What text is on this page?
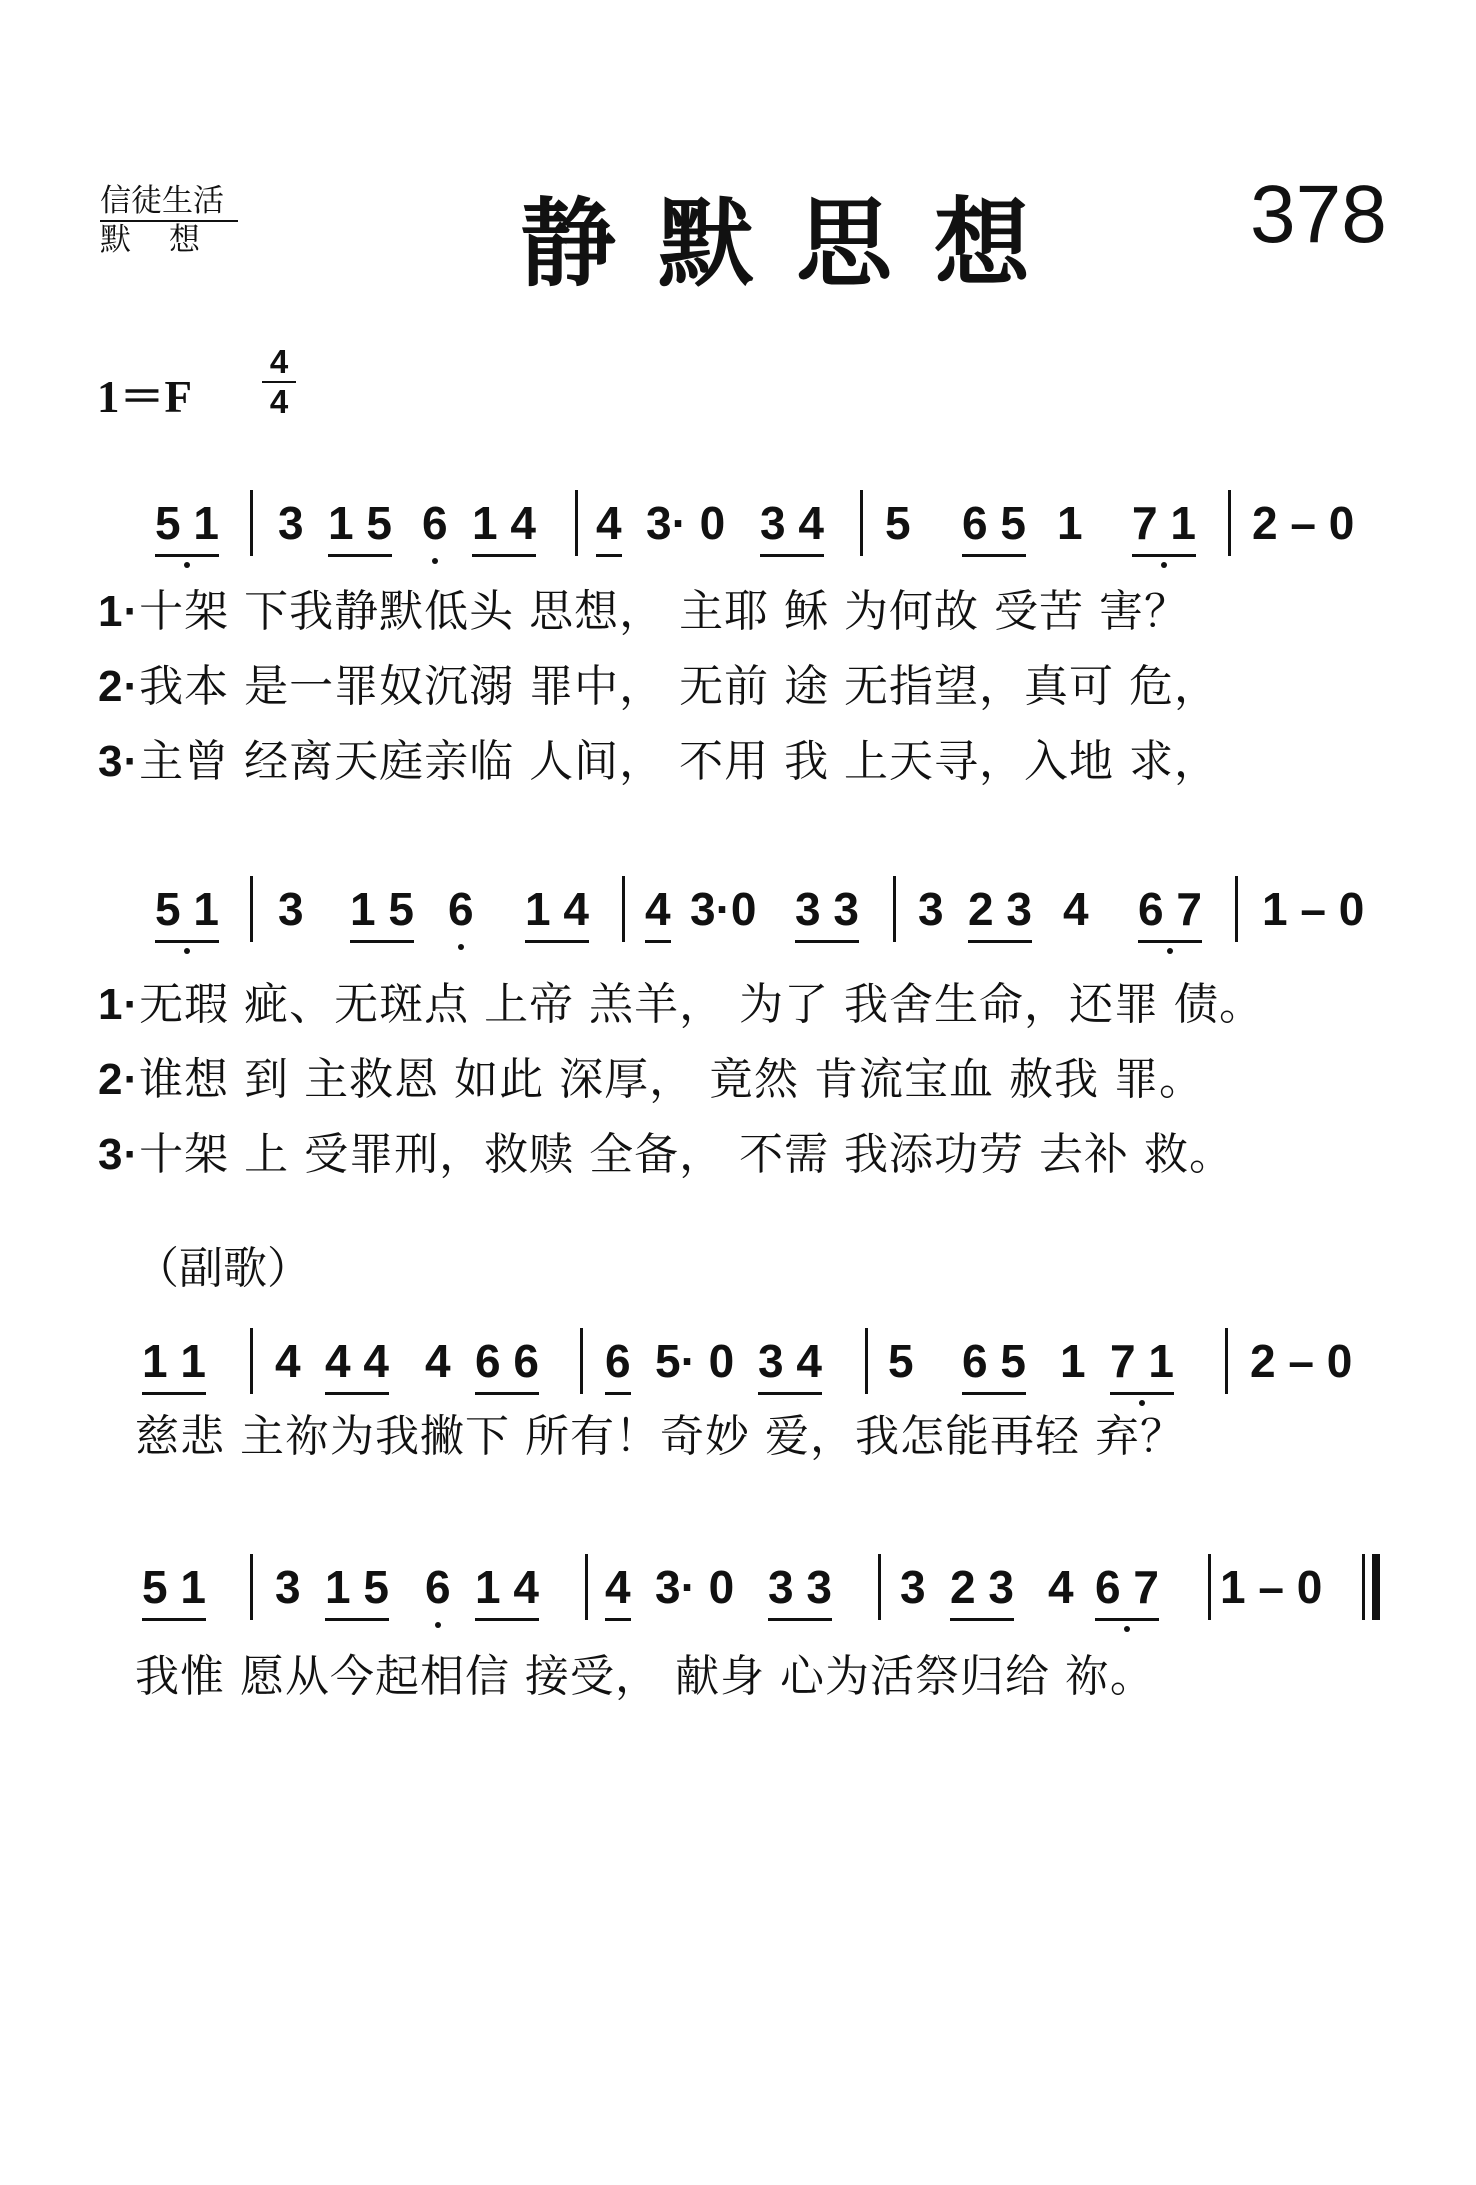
信徒生活
默想	静默思想 378
1＝F
4
4
5 1 3 1 5 6 1 4 4 3· 0 3 4 5 6 5 1 7 1 2 – 0
1·十架 下我静默低头 思想， 主耶 稣 为何故 受苦 害？
2·我本 是一罪奴沉溺 罪中， 无前 途 无指望，真可 危，
3·主曾 经离天庭亲临 人间， 不用 我 上天寻，入地 求，
5 1 3 1 5 6 1 4 4 3·0 3 3 3 2 3 4 6 7 1 – 0
1·无瑕 疵、无斑点 上帝 羔羊， 为了 我舍生命，还罪 债。
2·谁想 到 主救恩 如此 深厚， 竟然 肯流宝血 赦我 罪。
3·十架 上 受罪刑，救赎 全备， 不需 我添功劳 去补 救。
（副歌）
1 1 4 4 4 4 6 6 6 5· 0 3 4 5 6 5 1 7 1 2 – 0
慈悲 主祢为我撇下 所有！奇妙 爱，我怎能再轻 弃？
5 1 3 1 5 6 1 4 4 3· 0 3 3 3 2 3 4 6 7 1 – 0
我惟 愿从今起相信 接受， 献身 心为活祭归给 祢。
